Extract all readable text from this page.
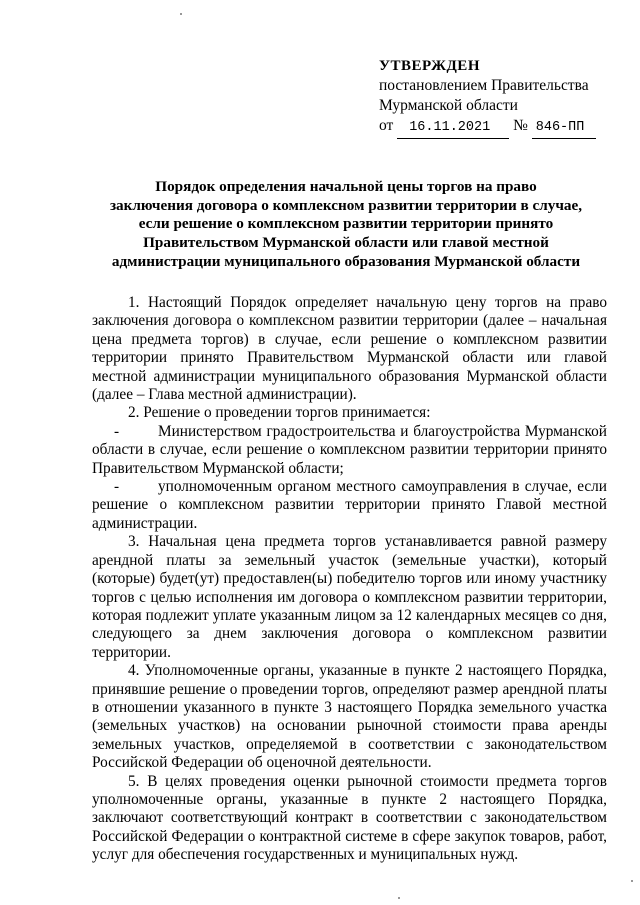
УТВЕРЖДЕН
постановлением Правительства
Мурманской области
от 16.11.2021 № 846-ПП
Порядок определения начальной цены торгов на право
заключения договора о комплексном развитии территории в случае,
если решение о комплексном развитии территории принято
Правительством Мурманской области или главой местной
администрации муниципального образования Мурманской области

1. Настоящий Порядок определяет начальную цену торгов на право заключения договора о комплексном развитии территории (далее – начальная цена предмета торгов) в случае, если решение о комплексном развитии территории принято Правительством Мурманской области или главой местной администрации муниципального образования Мурманской области (далее – Глава местной администрации).

2. Решение о проведении торгов принимается:

-	Министерством градостроительства и благоустройства Мурманской области в случае, если решение о комплексном развитии территории принято Правительством Мурманской области;

-	уполномоченным органом местного самоуправления в случае, если решение о комплексном развитии территории принято Главой местной администрации.

3. Начальная цена предмета торгов устанавливается равной размеру арендной платы за земельный участок (земельные участки), который (которые) будет(ут) предоставлен(ы) победителю торгов или иному участнику торгов с целью исполнения им договора о комплексном развитии территории, которая подлежит уплате указанным лицом за 12 календарных месяцев со дня, следующего за днем заключения договора о комплексном развитии территории.

4. Уполномоченные органы, указанные в пункте 2 настоящего Порядка, принявшие решение о проведении торгов, определяют размер арендной платы в отношении указанного в пункте 3 настоящего Порядка земельного участка (земельных участков) на основании рыночной стоимости права аренды земельных участков, определяемой в соответствии с законодательством Российской Федерации об оценочной деятельности.

5. В целях проведения оценки рыночной стоимости предмета торгов уполномоченные органы, указанные в пункте 2 настоящего Порядка, заключают соответствующий контракт в соответствии с законодательством Российской Федерации о контрактной системе в сфере закупок товаров, работ, услуг для обеспечения государственных и муниципальных нужд.
